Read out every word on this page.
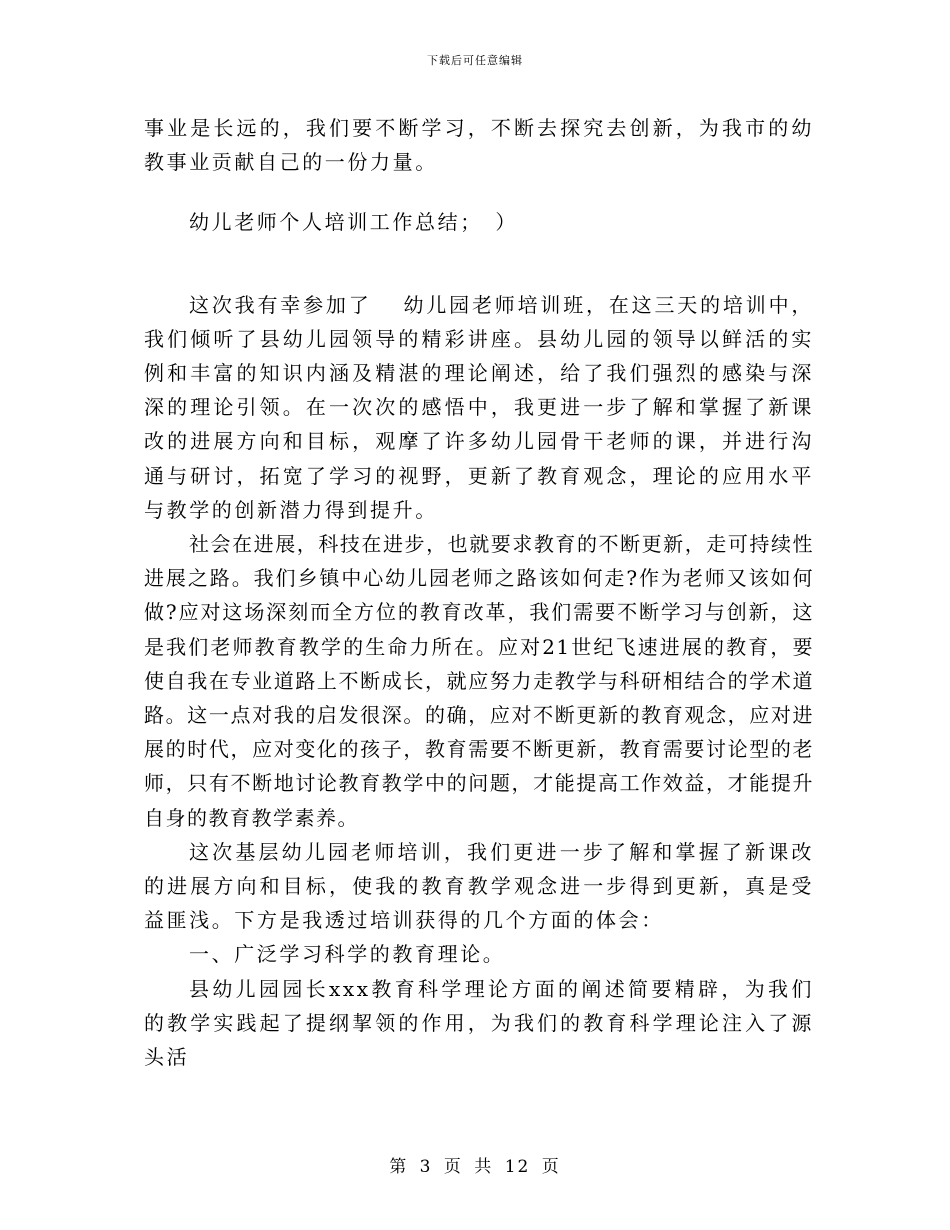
下载后可任意编辑

事业是长远的，我们要不断学习，不断去探究去创新，为我市的幼教事业贡献自己的一份力量。

幼儿老师个人培训工作总结；　）

这次我有幸参加了　 幼儿园老师培训班，在这三天的培训中，我们倾听了县幼儿园领导的精彩讲座。县幼儿园的领导以鲜活的实例和丰富的知识内涵及精湛的理论阐述，给了我们强烈的感染与深深的理论引领。在一次次的感悟中，我更进一步了解和掌握了新课改的进展方向和目标，观摩了许多幼儿园骨干老师的课，并进行沟通与研讨，拓宽了学习的视野，更新了教育观念，理论的应用水平与教学的创新潜力得到提升。

社会在进展，科技在进步，也就要求教育的不断更新，走可持续性进展之路。我们乡镇中心幼儿园老师之路该如何走?作为老师又该如何做?应对这场深刻而全方位的教育改革，我们需要不断学习与创新，这是我们老师教育教学的生命力所在。应对21世纪飞速进展的教育，要使自我在专业道路上不断成长，就应努力走教学与科研相结合的学术道路。这一点对我的启发很深。的确，应对不断更新的教育观念，应对进展的时代，应对变化的孩子，教育需要不断更新，教育需要讨论型的老师，只有不断地讨论教育教学中的问题，才能提高工作效益，才能提升自身的教育教学素养。

这次基层幼儿园老师培训，我们更进一步了解和掌握了新课改的进展方向和目标，使我的教育教学观念进一步得到更新，真是受益匪浅。下方是我透过培训获得的几个方面的体会：

一、广泛学习科学的教育理论。

县幼儿园园长xxx教育科学理论方面的阐述简要精辟，为我们的教学实践起了提纲挈领的作用，为我们的教育科学理论注入了源头活

第 3 页 共 12 页
